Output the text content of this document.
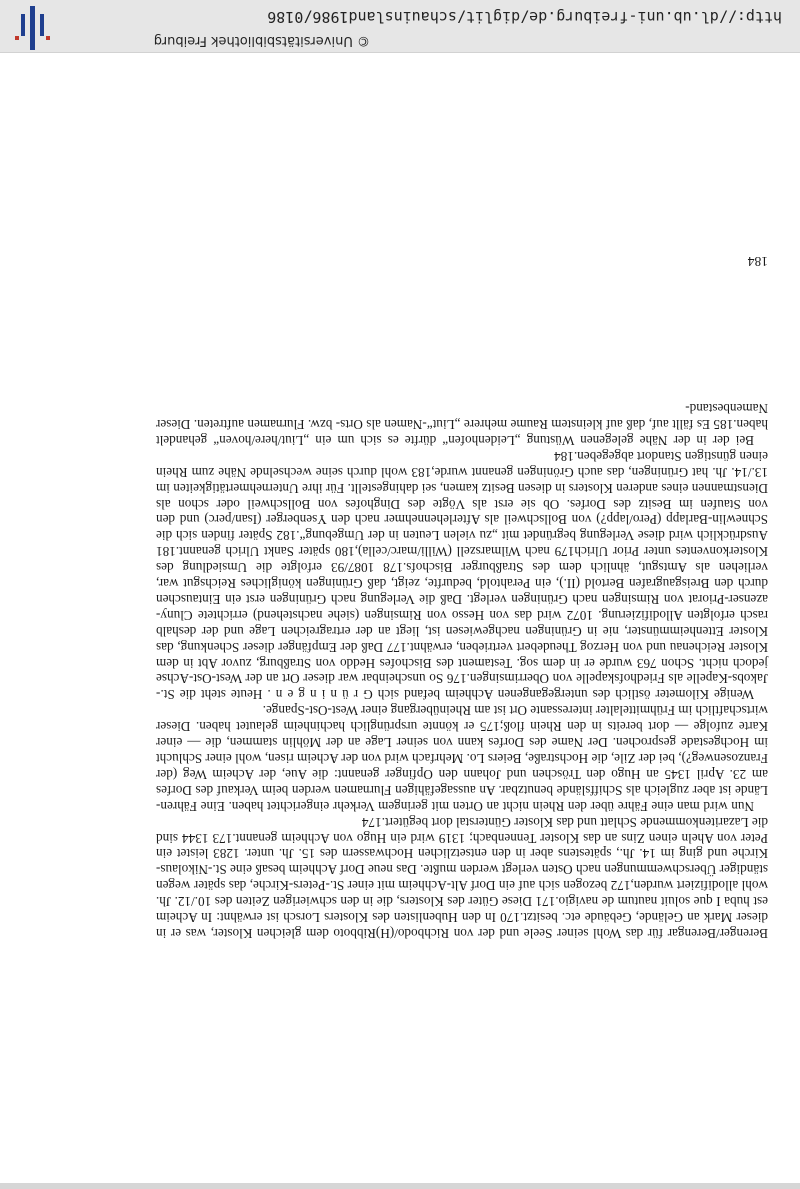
© Universitätsbibliothek Freiburg
http://dl.ub.uni-freiburg.de/diglit/schauinsland1986/0186
184

Berenger/Berengar für das Wohl seiner Seele und der von Richbodo/(H)Ribboto dem gleichen Kloster, was er in dieser Mark an Gelände, Gebäude etc. besitzt.170 In den Hubenlisten des Klosters Lorsch ist erwähnt: In Acheim est huba I que soluit nautum de navigio.171 Diese Güter des Klosters, die in den schwierigen Zeiten des 10./12. Jh. wohl allodifiziert wurden,172 bezogen sich auf ein Dorf Alt-Achheim mit einer St.-Peters-Kirche, das später wegen ständiger Überschwemmungen nach Osten verlegt werden mußte. Das neue Dorf Achheim besaß eine St.-Nikolaus-Kirche und ging im 14. Jh., spätestens aber in den entsetzlichen Hochwassern des 15. Jh. unter. 1283 leistet ein Peter von Aheln einen Zins an das Kloster Tennenbach; 1319 wird ein Hugo von Achheim genannt.173 1344 sind die Lazaritenkommende Schlatt und das Kloster Günterstal dort begütert.174

Nun wird man eine Fähre über den Rhein nicht an Orten mit geringem Verkehr eingerichtet haben. Eine Fähren-Lände ist aber zugleich als Schiffslände benutzbar. An aussagefähigen Flurnamen werden beim Verkauf des Dorfes am 23. April 1345 an Hugo den Tröschen und Johann den Opfinger genannt: die Aue, der Acheim Weg (der Franzosenweg?), bei der Zile, die Hochstraße, Beiers Lo. Mehrfach wird von der Acheim risen, wohl einer Schlucht im Hochgestade gesprochen. Der Name des Dorfes kann von seiner Lage an der Möhlin stammen, die — einer Karte zufolge — dort bereits in den Rhein floß;175 er könnte ursprünglich hachinheim gelautet haben. Dieser wirtschaftlich im Frühmittelalter interessante Ort ist am Rheinübergang einer West-Ost-Spange.

Wenige Kilometer östlich des untergegangenen Achheim befand sich G r ü n i n g e n . Heute steht die St.-Jakobs-Kapelle als Friedhofskapelle von Oberrimsingen.176 So unscheinbar war dieser Ort an der West-Ost-Achse jedoch nicht. Schon 763 wurde er in dem sog. Testament des Bischofes Heddo von Straßburg, zuvor Abt in dem Kloster Reichenau und von Herzog Theudebert vertrieben, erwähnt.177 Daß der Empfänger dieser Schenkung, das Kloster Ettenheimmünster, nie in Grüningen nachgewiesen ist, liegt an der ertragreichen Lage und der deshalb rasch erfolgten Allodifizierung. 1072 wird das von Hesso von Rimsingen (siehe nachstehend) errichtete Clunyazenser-Priorat von Rimsingen nach Grüningen verlegt. Daß die Verlegung nach Grüningen erst ein Eintauschen durch den Breisgaugrafen Bertold (II.), ein Perahtold, bedurfte, zeigt, daß Grüningen königliches Reichsgut war, verliehen als Amtsgut, ähnlich dem des Straßburger Bischofs.178 1087/93 erfolgte die Umsiedlung des Klosterkonventes unter Prior Ulrich179 nach Wilmarszell (Willi/marc/cella),180 später Sankt Ulrich genannt.181 Ausdrücklich wird diese Verlegung begründet mit „zu vielen Leuten in der Umgebung“.182 Später finden sich die Schnewlin-Barlapp (Pero/lapp?) von Bollschweil als Afterlehennehmer nach den Ysenberger (Isan/perc) und den von Staufen im Besitz des Dorfes. Ob sie erst als Vögte des Dinghofes von Bollschweil oder schon als Dienstmannen eines anderen Klosters in diesen Besitz kamen, sei dahingestellt. Für ihre Unternehmertätigkeiten im 13./14. Jh. hat Grüningen, das auch Gröningen genannt wurde,183 wohl durch seine wechselnde Nähe zum Rhein einen günstigen Standort abgegeben.184

Bei der in der Nähe gelegenen Wüstung „Leidenhofen“ dürfte es sich um ein „Liut/here/hoven“ gehandelt haben.185 Es fällt auf, daß auf kleinstem Raume mehrere „Liut“-Namen als Orts- bzw. Flurnamen auftreten. Dieser Namenbestand-
